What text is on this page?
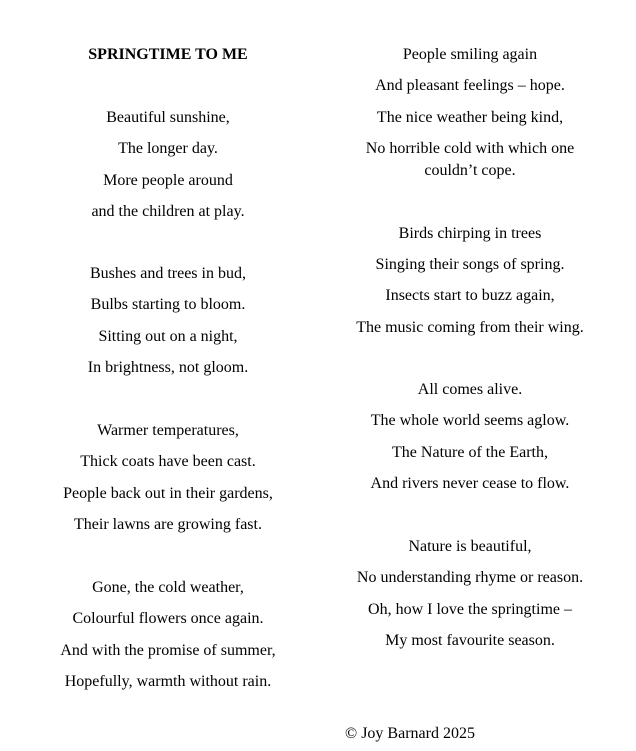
SPRINGTIME TO ME
Beautiful sunshine,
The longer day.
More people around
and the children at play.
Bushes and trees in bud,
Bulbs starting to bloom.
Sitting out on a night,
In brightness, not gloom.
Warmer temperatures,
Thick coats have been cast.
People back out in their gardens,
Their lawns are growing fast.
Gone, the cold weather,
Colourful flowers once again.
And with the promise of summer,
Hopefully, warmth without rain.
People smiling again
And pleasant feelings – hope.
The nice weather being kind,
No horrible cold with which one couldn’t cope.
Birds chirping in trees
Singing their songs of spring.
Insects start to buzz again,
The music coming from their wing.
All comes alive.
The whole world seems aglow.
The Nature of the Earth,
And rivers never cease to flow.
Nature is beautiful,
No understanding rhyme or reason.
Oh, how I love the springtime –
My most favourite season.
© Joy Barnard 2025
